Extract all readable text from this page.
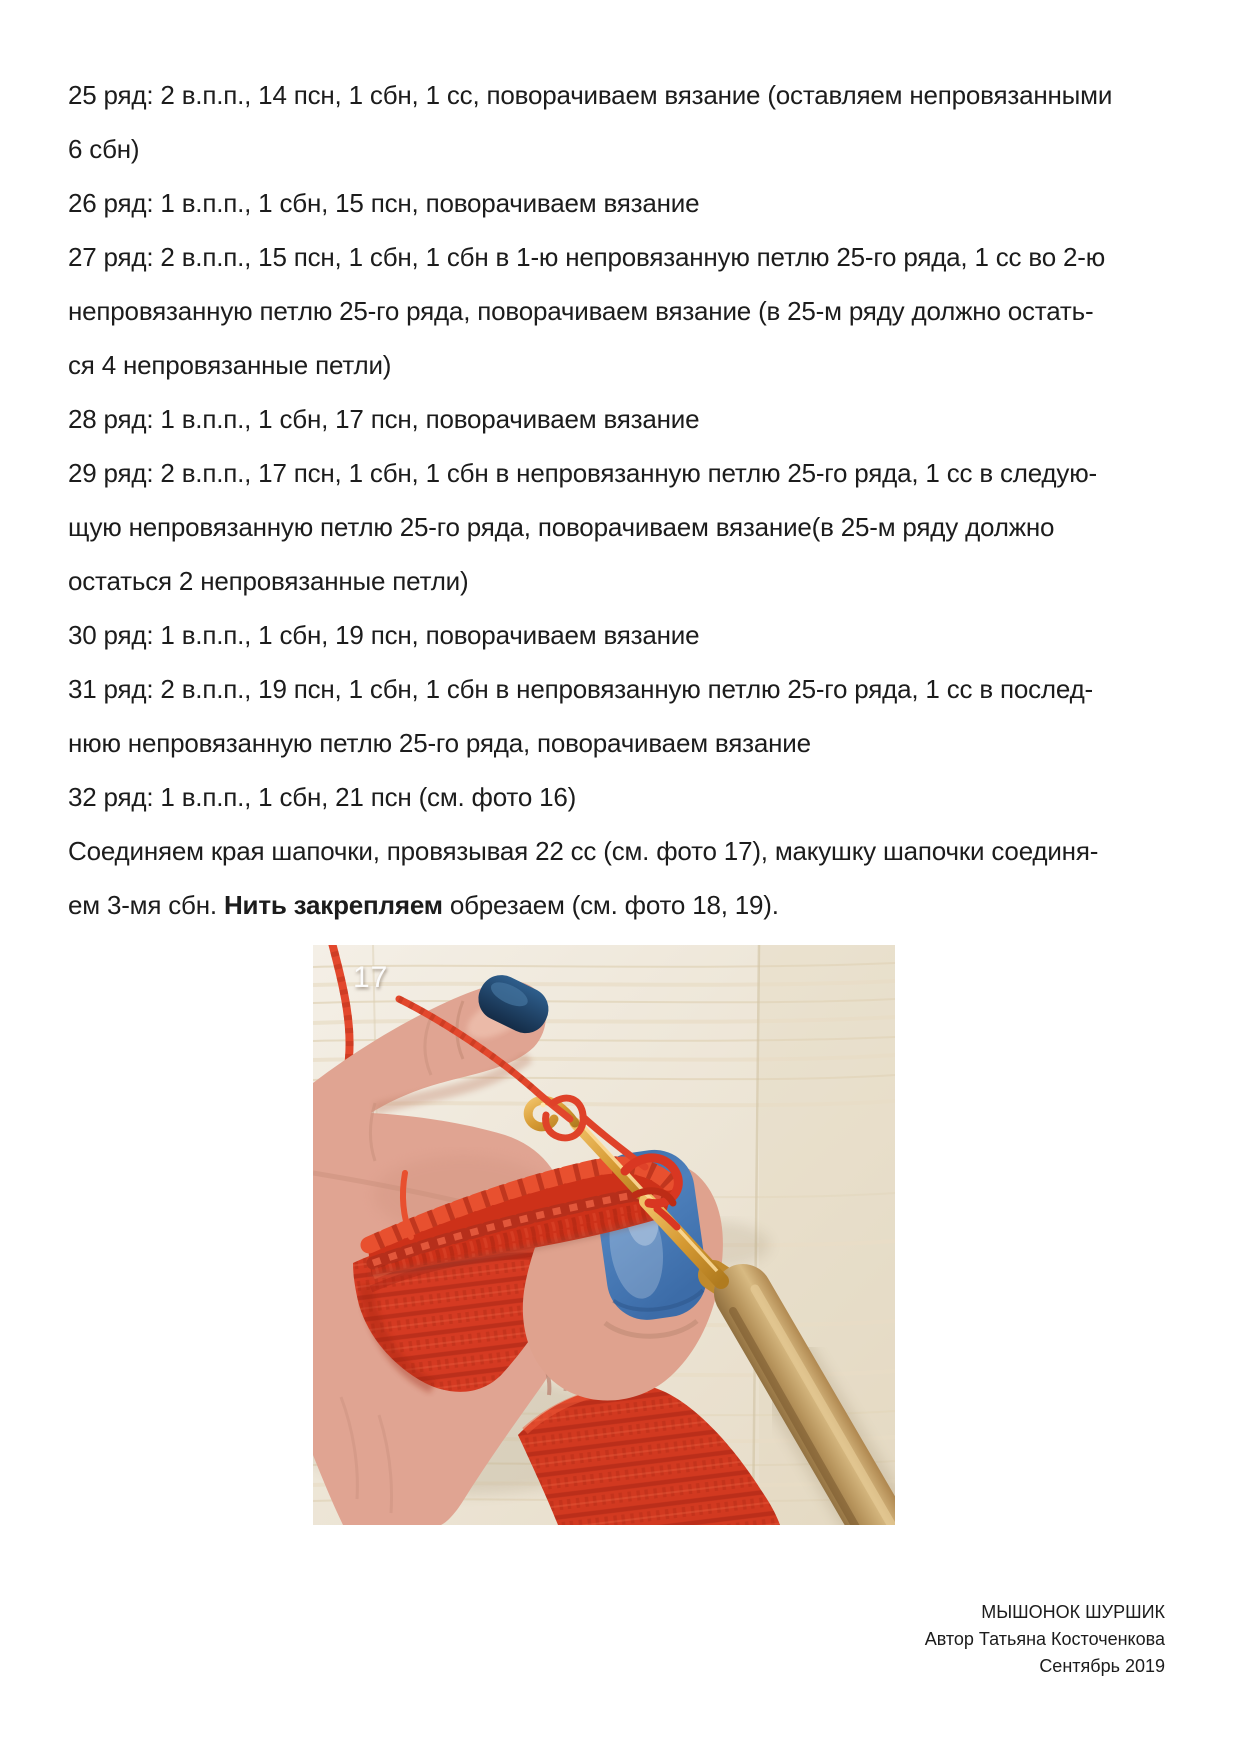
25 ряд: 2 в.п.п., 14 псн, 1 сбн, 1 сс, поворачиваем вязание (оставляем непровязанными
6 сбн)
26 ряд: 1 в.п.п., 1 сбн, 15 псн, поворачиваем вязание
27 ряд: 2 в.п.п., 15 псн, 1 сбн, 1 сбн в 1-ю непровязанную петлю 25-го ряда, 1 сс во 2-ю
непровязанную петлю 25-го ряда, поворачиваем вязание (в 25-м ряду должно остать-
ся 4 непровязанные петли)
28 ряд: 1 в.п.п., 1 сбн, 17 псн, поворачиваем вязание
29 ряд: 2 в.п.п., 17 псн, 1 сбн, 1 сбн в непровязанную петлю 25-го ряда, 1 сс в следую-
щую непровязанную петлю 25-го ряда, поворачиваем вязание(в 25-м ряду должно
остаться 2 непровязанные петли)
30 ряд: 1 в.п.п., 1 сбн, 19 псн, поворачиваем вязание
31 ряд: 2 в.п.п., 19 псн, 1 сбн, 1 сбн в непровязанную петлю 25-го ряда, 1 сс в послед-
нюю непровязанную петлю 25-го ряда, поворачиваем вязание
32 ряд: 1 в.п.п., 1 сбн, 21 псн (см. фото 16)
Соединяем края шапочки, провязывая 22 сс (см. фото 17), макушку шапочки соединя-
ем 3-мя сбн. Нить закрепляем обрезаем (см. фото 18, 19).
17
МЫШОНОК ШУРШИК
Автор Татьяна Косточенкова
Сентябрь 2019
